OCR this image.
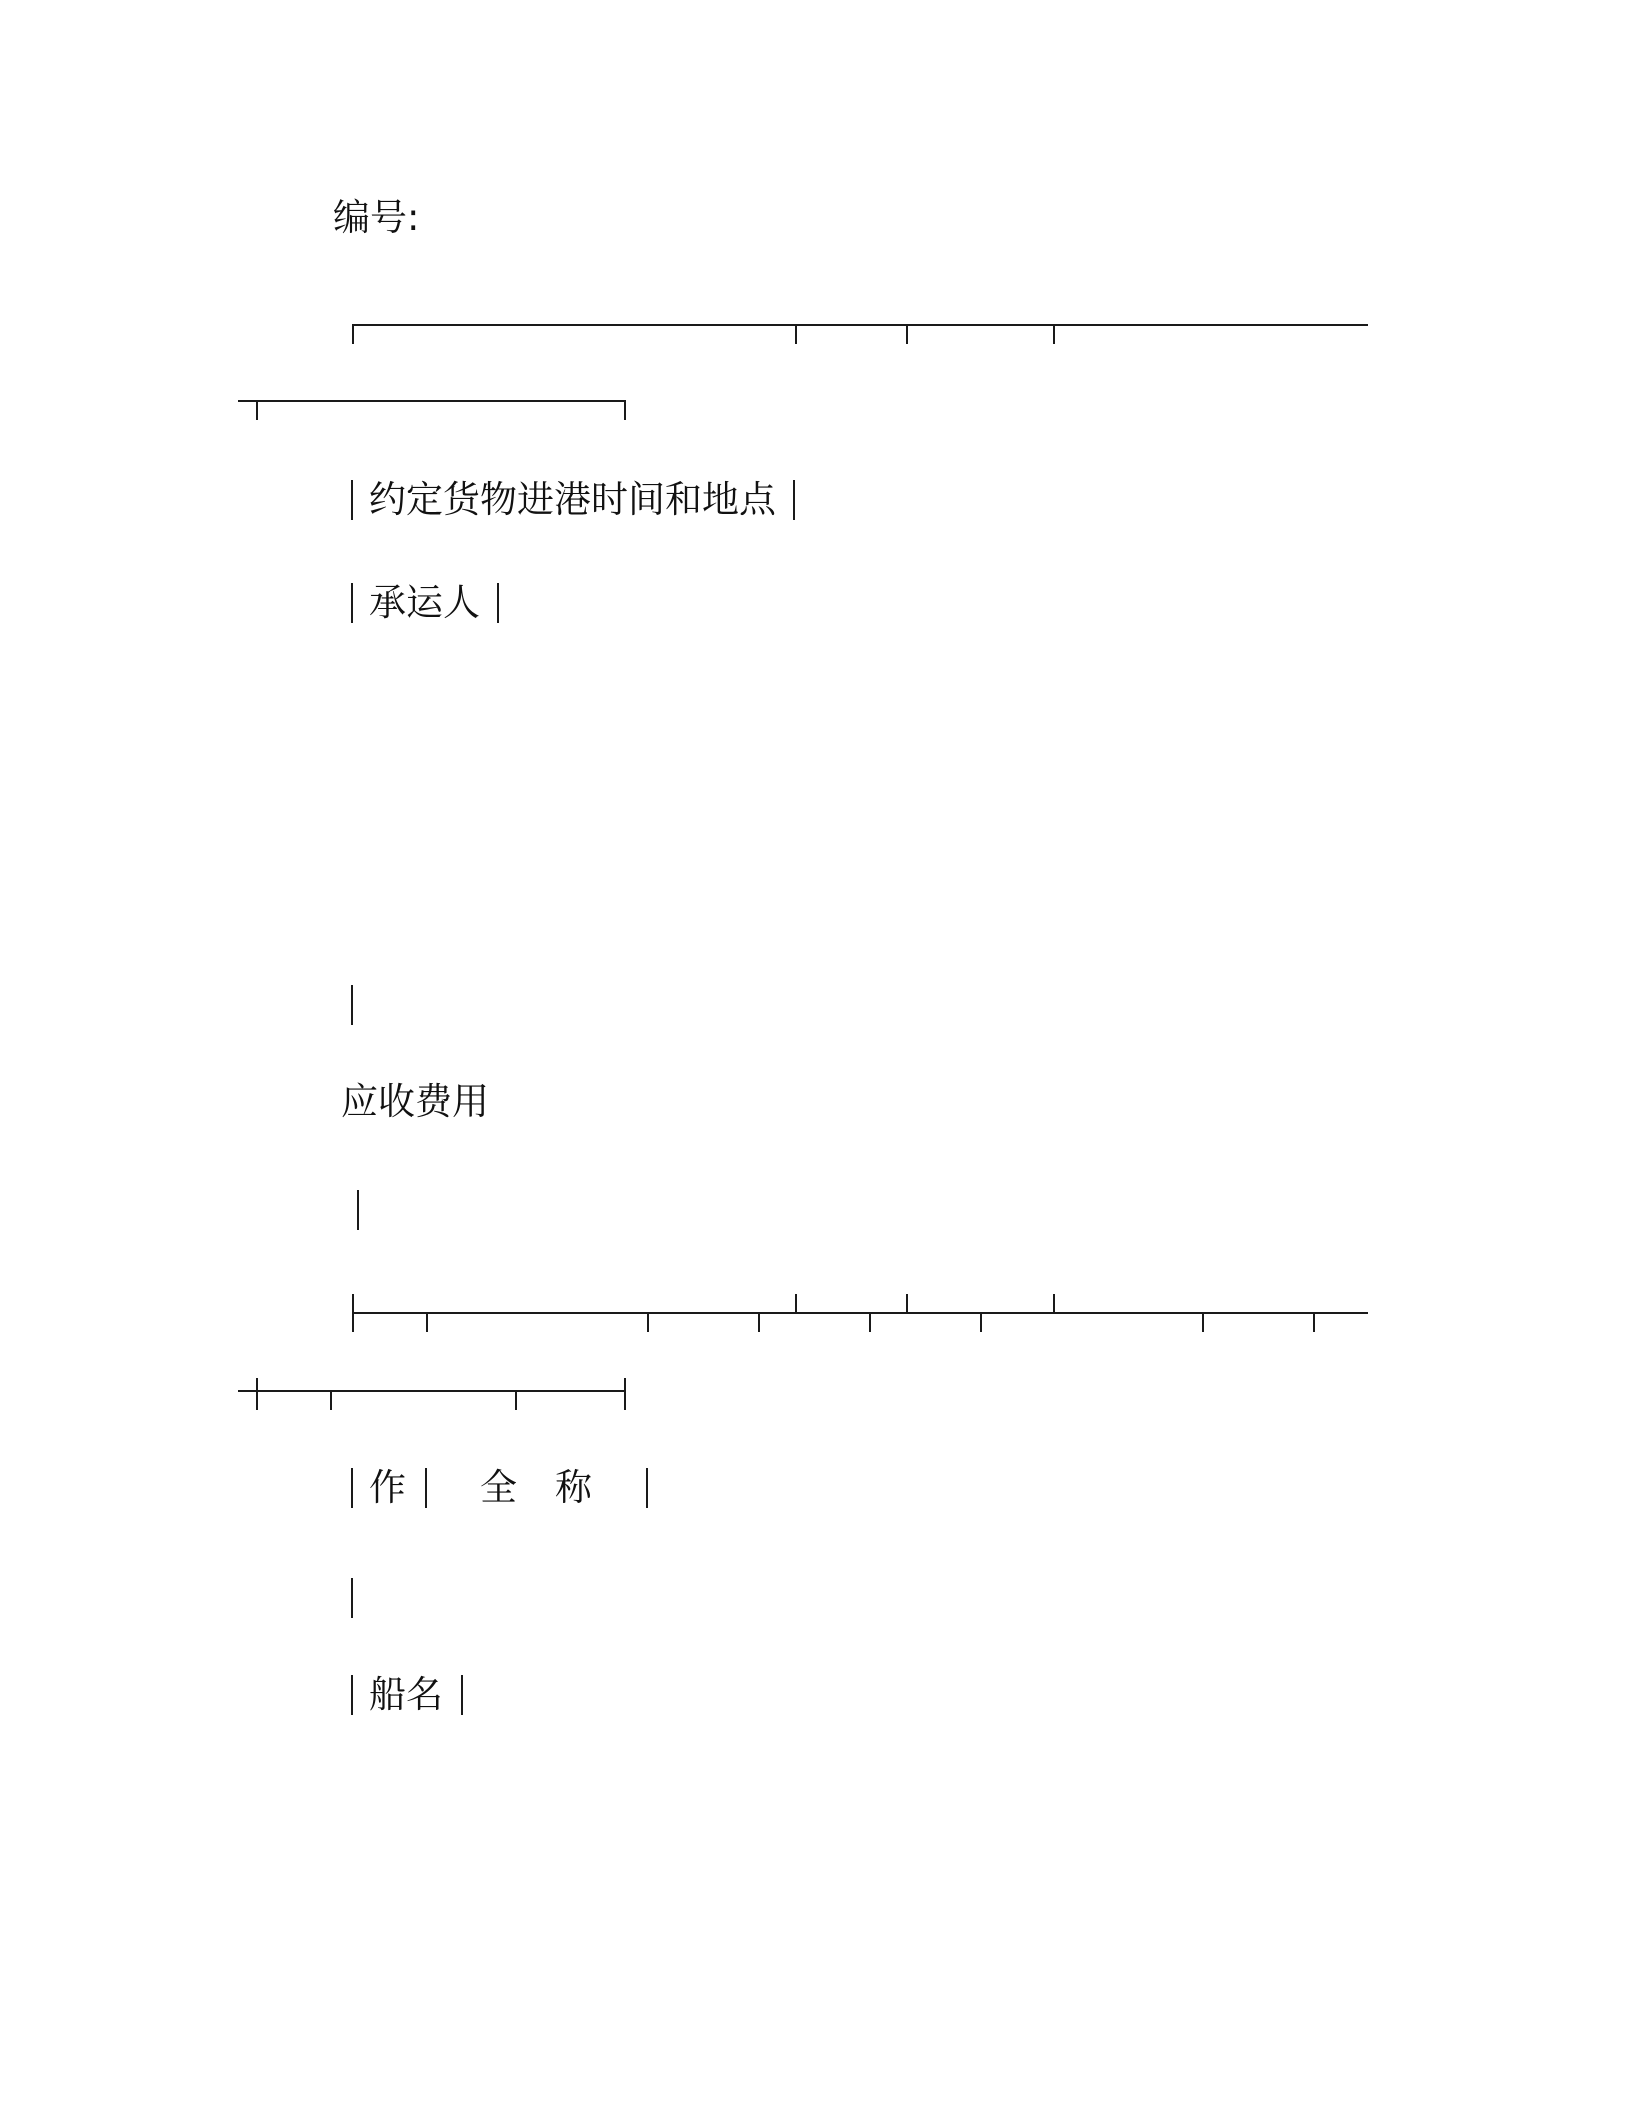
编号:
约定货物进港时间和地点
承运人
应收费用
作 全 称
船名
